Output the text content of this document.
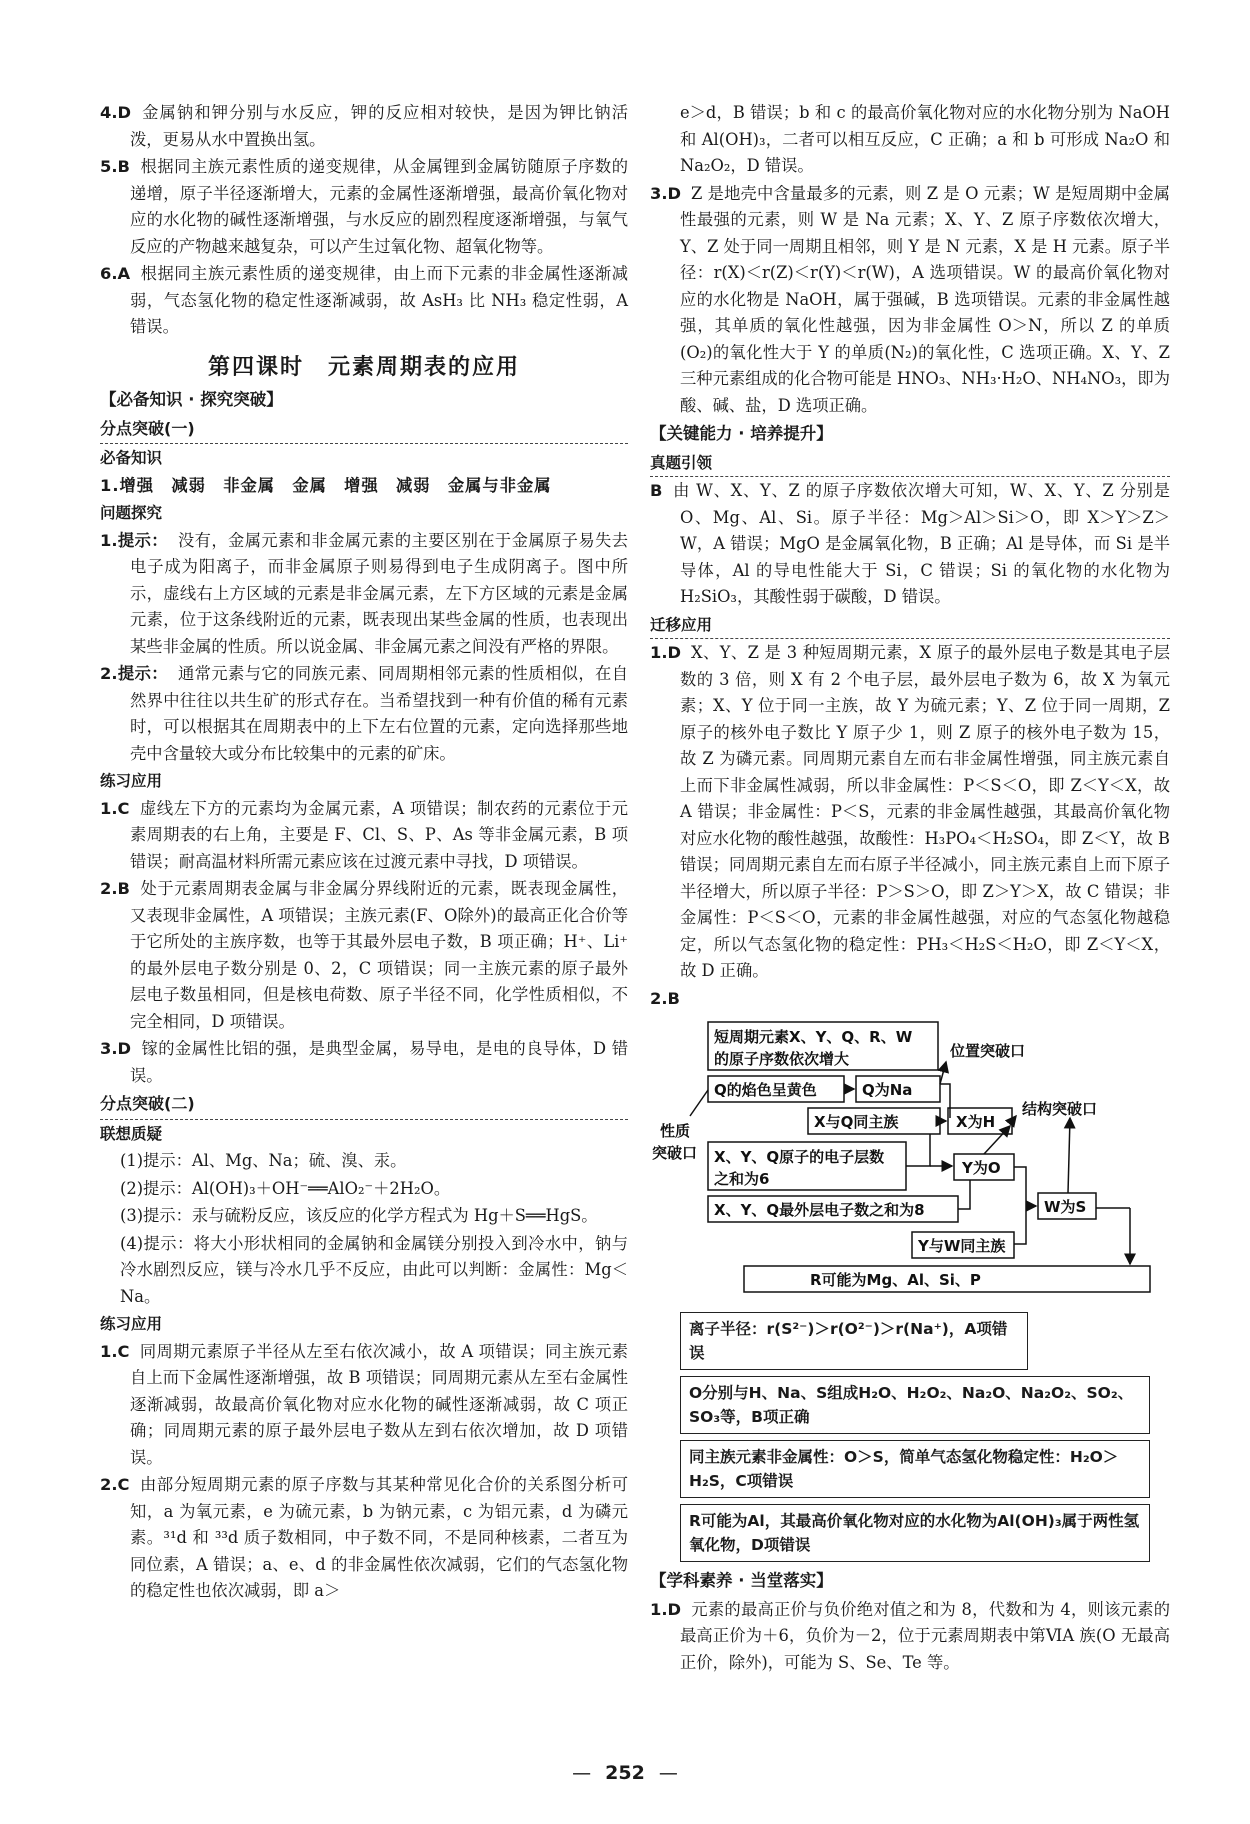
4.D 金属钠和钾分别与水反应，钾的反应相对较快，是因为钾比钠活泼，更易从水中置换出氢。
5.B 根据同主族元素性质的递变规律，从金属锂到金属钫随原子序数的递增，原子半径逐渐增大，元素的金属性逐渐增强，最高价氧化物对应的水化物的碱性逐渐增强，与水反应的剧烈程度逐渐增强，与氧气反应的产物越来越复杂，可以产生过氧化物、超氧化物等。
6.A 根据同主族元素性质的递变规律，由上而下元素的非金属性逐渐减弱，气态氢化物的稳定性逐渐减弱，故 AsH₃ 比 NH₃ 稳定性弱，A 错误。
第四课时　元素周期表的应用
【必备知识 · 探究突破】
分点突破(一)
必备知识
1.增强　减弱　非金属　金属　增强　减弱　金属与非金属
问题探究
1.提示： 没有，金属元素和非金属元素的主要区别在于金属原子易失去电子成为阳离子，而非金属原子则易得到电子生成阴离子。图中所示，虚线右上方区域的元素是非金属元素，左下方区域的元素是金属元素，位于这条线附近的元素，既表现出某些金属的性质，也表现出某些非金属的性质。所以说金属、非金属元素之间没有严格的界限。
2.提示： 通常元素与它的同族元素、同周期相邻元素的性质相似，在自然界中往往以共生矿的形式存在。当希望找到一种有价值的稀有元素时，可以根据其在周期表中的上下左右位置的元素，定向选择那些地壳中含量较大或分布比较集中的元素的矿床。
练习应用
1.C 虚线左下方的元素均为金属元素，A 项错误；制农药的元素位于元素周期表的右上角，主要是 F、Cl、S、P、As 等非金属元素，B 项错误；耐高温材料所需元素应该在过渡元素中寻找，D 项错误。
2.B 处于元素周期表金属与非金属分界线附近的元素，既表现金属性，又表现非金属性，A 项错误；主族元素(F、O除外)的最高正化合价等于它所处的主族序数，也等于其最外层电子数，B 项正确；H⁺、Li⁺ 的最外层电子数分别是 0、2，C 项错误；同一主族元素的原子最外层电子数虽相同，但是核电荷数、原子半径不同，化学性质相似，不完全相同，D 项错误。
3.D 镓的金属性比铝的强，是典型金属，易导电，是电的良导体，D 错误。
分点突破(二)
联想质疑
(1)提示：Al、Mg、Na；硫、溴、汞。
(2)提示：Al(OH)₃＋OH⁻══AlO₂⁻＋2H₂O。
(3)提示：汞与硫粉反应，该反应的化学方程式为 Hg＋S══HgS。
(4)提示：将大小形状相同的金属钠和金属镁分别投入到冷水中，钠与冷水剧烈反应，镁与冷水几乎不反应，由此可以判断：金属性：Mg＜Na。
练习应用
1.C 同周期元素原子半径从左至右依次减小，故 A 项错误；同主族元素自上而下金属性逐渐增强，故 B 项错误；同周期元素从左至右金属性逐渐减弱，故最高价氧化物对应水化物的碱性逐渐减弱，故 C 项正确；同周期元素的原子最外层电子数从左到右依次增加，故 D 项错误。
2.C 由部分短周期元素的原子序数与其某种常见化合价的关系图分析可知，a 为氧元素，e 为硫元素，b 为钠元素，c 为铝元素，d 为磷元素。³¹d 和 ³³d 质子数相同，中子数不同，不是同种核素，二者互为同位素，A 错误；a、e、d 的非金属性依次减弱，它们的气态氢化物的稳定性也依次减弱，即 a＞
e＞d，B 错误；b 和 c 的最高价氧化物对应的水化物分别为 NaOH 和 Al(OH)₃，二者可以相互反应，C 正确；a 和 b 可形成 Na₂O 和 Na₂O₂，D 错误。
3.D Z 是地壳中含量最多的元素，则 Z 是 O 元素；W 是短周期中金属性最强的元素，则 W 是 Na 元素；X、Y、Z 原子序数依次增大，Y、Z 处于同一周期且相邻，则 Y 是 N 元素，X 是 H 元素。原子半径：r(X)＜r(Z)＜r(Y)＜r(W)，A 选项错误。W 的最高价氧化物对应的水化物是 NaOH，属于强碱，B 选项错误。元素的非金属性越强，其单质的氧化性越强，因为非金属性 O＞N，所以 Z 的单质(O₂)的氧化性大于 Y 的单质(N₂)的氧化性，C 选项正确。X、Y、Z 三种元素组成的化合物可能是 HNO₃、NH₃·H₂O、NH₄NO₃，即为酸、碱、盐，D 选项正确。
【关键能力 · 培养提升】
真题引领
B 由 W、X、Y、Z 的原子序数依次增大可知，W、X、Y、Z 分别是 O、Mg、Al、Si。原子半径：Mg＞Al＞Si＞O，即 X＞Y＞Z＞W，A 错误；MgO 是金属氧化物，B 正确；Al 是导体，而 Si 是半导体，Al 的导电性能大于 Si，C 错误；Si 的氧化物的水化物为 H₂SiO₃，其酸性弱于碳酸，D 错误。
迁移应用
1.D X、Y、Z 是 3 种短周期元素，X 原子的最外层电子数是其电子层数的 3 倍，则 X 有 2 个电子层，最外层电子数为 6，故 X 为氧元素；X、Y 位于同一主族，故 Y 为硫元素；Y、Z 位于同一周期，Z 原子的核外电子数比 Y 原子少 1，则 Z 原子的核外电子数为 15，故 Z 为磷元素。同周期元素自左而右非金属性增强，同主族元素自上而下非金属性减弱，所以非金属性：P＜S＜O，即 Z＜Y＜X，故 A 错误；非金属性：P＜S，元素的非金属性越强，其最高价氧化物对应水化物的酸性越强，故酸性：H₃PO₄＜H₂SO₄，即 Z＜Y，故 B 错误；同周期元素自左而右原子半径减小，同主族元素自上而下原子半径增大，所以原子半径：P＞S＞O，即 Z＞Y＞X，故 C 错误；非金属性：P＜S＜O，元素的非金属性越强，对应的气态氢化物越稳定，所以气态氢化物的稳定性：PH₃＜H₂S＜H₂O，即 Z＜Y＜X，故 D 正确。
2.B
短周期元素X、Y、Q、R、W
的原子序数依次增大
Q的焰色呈黄色	Q为Na
位置突破口
X与Q同主族	X为H
结构突破口
性质
突破口 X、Y、Q原子的电子层数
之和为6
Y为O
X、Y、Q最外层电子数之和为8	W为S
Y与W同主族
R可能为Mg、Al、Si、P
离子半径：r(S²⁻)＞r(O²⁻)＞r(Na⁺)，A项错误
O分别与H、Na、S组成H₂O、H₂O₂、Na₂O、Na₂O₂、SO₂、SO₃等，B项正确
同主族元素非金属性：O＞S，简单气态氢化物稳定性：H₂O＞H₂S，C项错误
R可能为Al，其最高价氧化物对应的水化物为Al(OH)₃属于两性氢氧化物，D项错误
【学科素养 · 当堂落实】
1.D 元素的最高正价与负价绝对值之和为 8，代数和为 4，则该元素的最高正价为＋6，负价为－2，位于元素周期表中第ⅥA 族(O 无最高正价，除外)，可能为 S、Se、Te 等。
— 252 —
